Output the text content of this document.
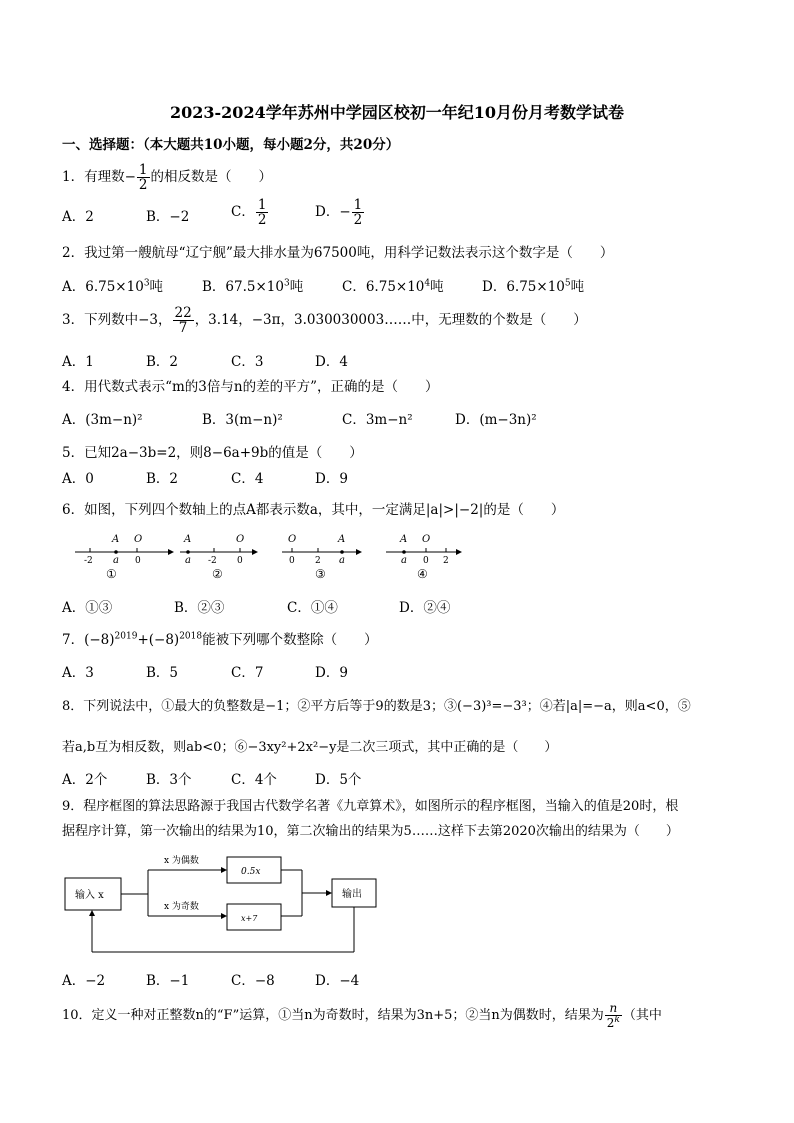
2023-2024学年苏州中学园区校初一年纪10月份月考数学试卷
一、选择题：（本大题共10小题，每小题2分，共20分）
1．有理数− $\frac{1}{2}$ 的相反数是（　　）
A．2	B．−2	C． $\frac{1}{2}$	D．− $\frac{1}{2}$
2．我过第一艘航母“辽宁舰”最大排水量为67500吨，用科学记数法表示这个数字是（　　）
A．$6.75\times 10^3$吨	B．$67.5\times 10^3$吨	C．$6.75\times 10^4$吨	D．$6.75\times 10^5$吨
3．下列数中−3， $\frac{22}{7}$ ，3.14，−3π，3.030030003……中，无理数的个数是（　　）
A．1	B．2	C．3	D．4
4．用代数式表示“m的3倍与n的差的平方”，正确的是（　　）
A．(3m−n)²	B．3(m−n)²	C．3m−n²	D．(m−3n)²
5．已知2a−3b=2，则8−6a+9b的值是（　　）
A．0	B．2	C．4	D．9
6．如图，下列四个数轴上的点A都表示数a，其中，一定满足|a|>|−2|的是（　　）
A O
-2 a 0
①
A	O
a -2 0
②
O	A
0 2 a
③
A O
a 0 2
④
A．①③	B．②③	C．①④	D．②④
7．$(-8)^{2019}+(-8)^{2018}$能被下列哪个数整除（　　）
A．3	B．5	C．7	D．9
8．下列说法中，①最大的负整数是−1；②平方后等于9的数是3；③(−3)³=−3³；④若|a|=−a，则a<0，⑤
若a,b互为相反数，则ab<0；⑥−3xy²+2x²−y是二次三项式，其中正确的是（　　）
A．2个	B．3个	C．4个	D．5个
9．程序框图的算法思路源于我国古代数学名著《九章算术》，如图所示的程序框图，当输入的值是20时，根
据程序计算，第一次输出的结果为10，第二次输出的结果为5……这样下去第2020次输出的结果为（　　）
输入 x
x 为偶数
x 为奇数
0.5x
x+7
输出
A．−2	B．−1	C．−8	D．−4
10．定义一种对正整数n的“F”运算，①当n为奇数时，结果为3n+5；②当n为偶数时，结果为 $\frac{n}{2^k}$ （其中
